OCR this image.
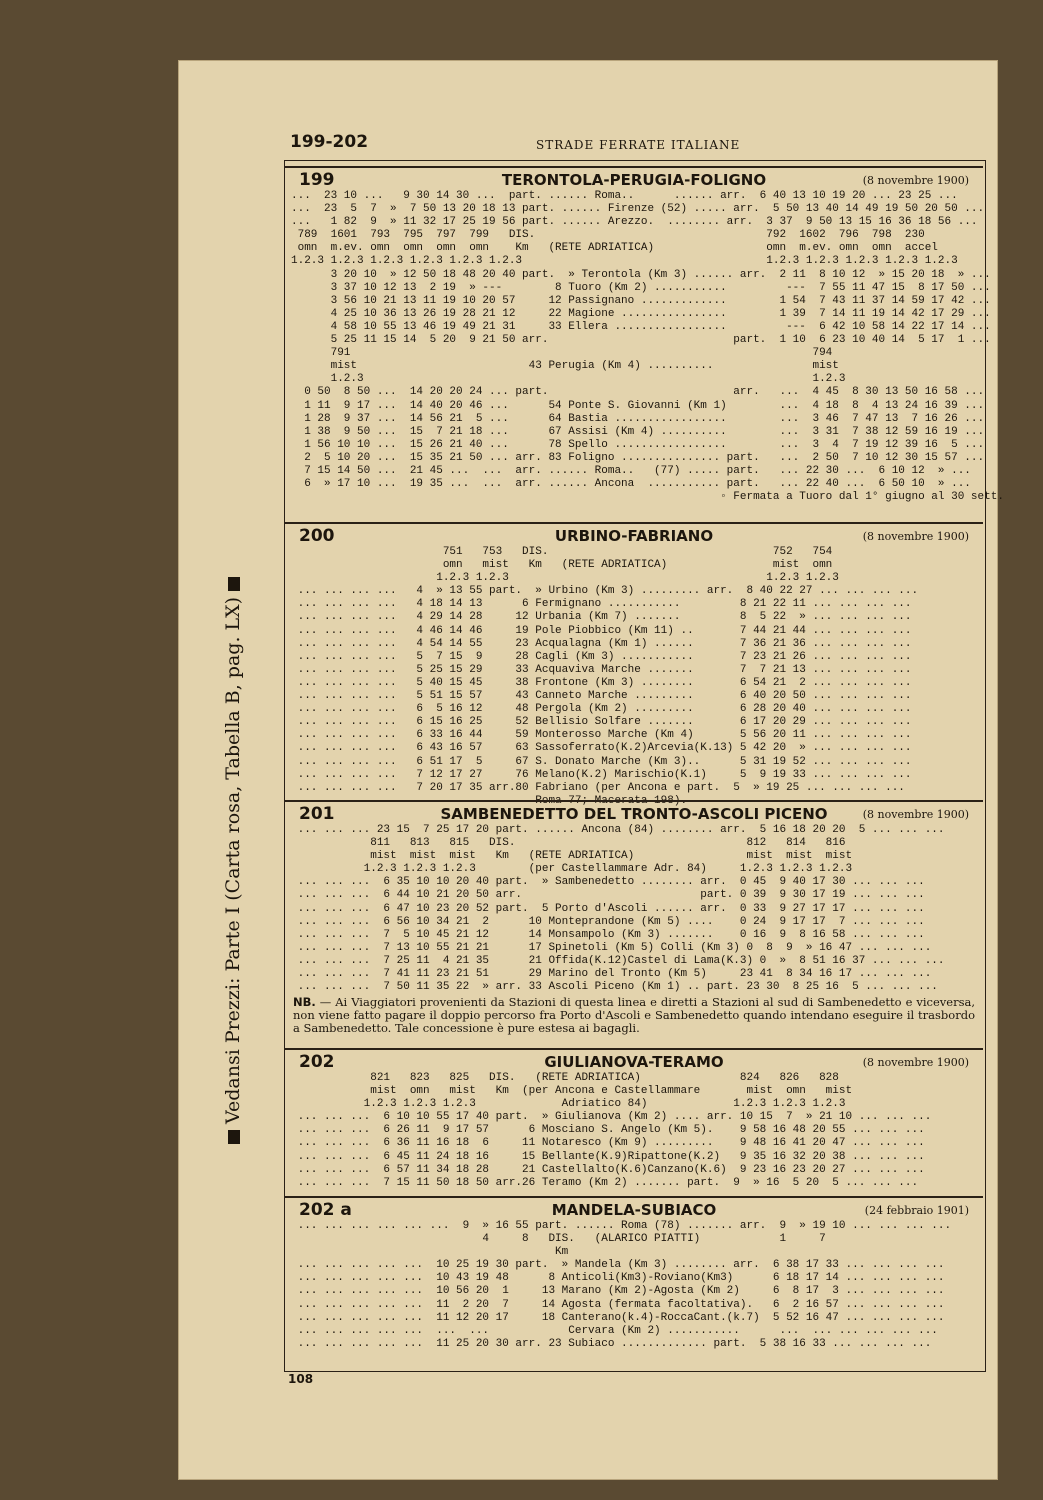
199-202	STRADE FERRATE ITALIANE
108
Vedansi Prezzi: Parte I (Carta rosa, Tabella B, pag. LX)
199	TERONTOLA-PERUGIA-FOLIGNO	(8 novembre 1900)
...  23 10 ...   9 30 14 30 ...  part. ...... Roma..      ...... arr.  6 40 13 10 19 20 ... 23 25 ...
...  23  5  7  »  7 50 13 20 18 13 part. ...... Firenze (52) ..... arr.  5 50 13 40 14 49 19 50 20 50 ...
...   1 82  9  » 11 32 17 25 19 56 part. ...... Arezzo.  ........ arr.  3 37  9 50 13 15 16 36 18 56 ...
789  1601  793  795  797  799   DIS.                                   792  1602  796  798  230
omn  m.ev. omn  omn  omn  omn    Km   (RETE ADRIATICA)                 omn  m.ev. omn  omn  accel
1.2.3 1.2.3 1.2.3 1.2.3 1.2.3 1.2.3                                     1.2.3 1.2.3 1.2.3 1.2.3 1.2.3
3 20 10  » 12 50 18 48 20 40 part.  » Terontola (Km 3) ...... arr.  2 11  8 10 12  » 15 20 18  » ...
3 37 10 12 13  2 19  » ---        8 Tuoro (Km 2) ...........         ---  7 55 11 47 15  8 17 50 ...
3 56 10 21 13 11 19 10 20 57     12 Passignano .............        1 54  7 43 11 37 14 59 17 42 ...
4 25 10 36 13 26 19 28 21 12     22 Magione ................        1 39  7 14 11 19 14 42 17 29 ...
4 58 10 55 13 46 19 49 21 31     33 Ellera .................         ---  6 42 10 58 14 22 17 14 ...
5 25 11 15 14  5 20  9 21 50 arr.                            part.  1 10  6 23 10 40 14  5 17  1 ...
791                                                                      794
mist                          43 Perugia (Km 4) ..........               mist
1.2.3                                                                    1.2.3
0 50  8 50 ...  14 20 20 24 ... part.                            arr.   ...  4 45  8 30 13 50 16 58 ...
1 11  9 17 ...  14 40 20 46 ...      54 Ponte S. Giovanni (Km 1)        ...  4 18  8  4 13 24 16 39 ...
1 28  9 37 ...  14 56 21  5 ...      64 Bastia .................        ...  3 46  7 47 13  7 16 26 ...
1 38  9 50 ...  15  7 21 18 ...      67 Assisi (Km 4) ..........        ...  3 31  7 38 12 59 16 19 ...
1 56 10 10 ...  15 26 21 40 ...      78 Spello .................        ...  3  4  7 19 12 39 16  5 ...
2  5 10 20 ...  15 35 21 50 ... arr. 83 Foligno ............... part.   ...  2 50  7 10 12 30 15 57 ...
7 15 14 50 ...  21 45 ...  ...  arr. ...... Roma..   (77) ..... part.   ... 22 30 ...  6 10 12  » ...
6  » 17 10 ...  19 35 ...  ...  arr. ...... Ancona  ........... part.   ... 22 40 ...  6 50 10  » ...
◦ Fermata a Tuoro dal 1° giugno al 30 sett.
200	URBINO-FABRIANO	(8 novembre 1900)
751   753   DIS.                                  752   754
omn   mist   Km   (RETE ADRIATICA)                mist  omn
1.2.3 1.2.3                                       1.2.3 1.2.3
... ... ... ...   4  » 13 55 part.  » Urbino (Km 3) ......... arr.  8 40 22 27 ... ... ... ...
... ... ... ...   4 18 14 13      6 Fermignano ...........         8 21 22 11 ... ... ... ...
... ... ... ...   4 29 14 28     12 Urbania (Km 7) .......         8  5 22  » ... ... ... ...
... ... ... ...   4 46 14 46     19 Pole Piobbico (Km 11) ..       7 44 21 44 ... ... ... ...
... ... ... ...   4 54 14 55     23 Acqualagna (Km 1) ......       7 36 21 36 ... ... ... ...
... ... ... ...   5  7 15  9     28 Cagli (Km 3) ...........       7 23 21 26 ... ... ... ...
... ... ... ...   5 25 15 29     33 Acquaviva Marche .......       7  7 21 13 ... ... ... ...
... ... ... ...   5 40 15 45     38 Frontone (Km 3) ........       6 54 21  2 ... ... ... ...
... ... ... ...   5 51 15 57     43 Canneto Marche .........       6 40 20 50 ... ... ... ...
... ... ... ...   6  5 16 12     48 Pergola (Km 2) .........       6 28 20 40 ... ... ... ...
... ... ... ...   6 15 16 25     52 Bellisio Solfare .......       6 17 20 29 ... ... ... ...
... ... ... ...   6 33 16 44     59 Monterosso Marche (Km 4)       5 56 20 11 ... ... ... ...
... ... ... ...   6 43 16 57     63 Sassoferrato(K.2)Arcevia(K.13) 5 42 20  » ... ... ... ...
... ... ... ...   6 51 17  5     67 S. Donato Marche (Km 3)..      5 31 19 52 ... ... ... ...
... ... ... ...   7 12 17 27     76 Melano(K.2) Marischio(K.1)     5  9 19 33 ... ... ... ...
... ... ... ...   7 20 17 35 arr.80 Fabriano (per Ancona e part.  5  » 19 25 ... ... ... ...
Roma 77; Macerata 198).
201	SAMBENEDETTO DEL TRONTO-ASCOLI PICENO	(8 novembre 1900)
... ... ... 23 15  7 25 17 20 part. ...... Ancona (84) ........ arr.  5 16 18 20 20  5 ... ... ...
811   813   815   DIS.                                   812   814   816
mist  mist  mist   Km   (RETE ADRIATICA)                 mist  mist  mist
1.2.3 1.2.3 1.2.3        (per Castellammare Adr. 84)     1.2.3 1.2.3 1.2.3
... ... ...  6 35 10 10 20 40 part.  » Sambenedetto ........ arr.  0 45  9 40 17 30 ... ... ...
... ... ...  6 44 10 21 20 50 arr.                           part. 0 39  9 30 17 19 ... ... ...
... ... ...  6 47 10 23 20 52 part.  5 Porto d'Ascoli ...... arr.  0 33  9 27 17 17 ... ... ...
... ... ...  6 56 10 34 21  2      10 Monteprandone (Km 5) ....    0 24  9 17 17  7 ... ... ...
... ... ...  7  5 10 45 21 12      14 Monsampolo (Km 3) .......    0 16  9  8 16 58 ... ... ...
... ... ...  7 13 10 55 21 21      17 Spinetoli (Km 5) Colli (Km 3) 0  8  9  » 16 47 ... ... ...
... ... ...  7 25 11  4 21 35      21 Offida(K.12)Castel di Lama(K.3) 0  »  8 51 16 37 ... ... ...
... ... ...  7 41 11 23 21 51      29 Marino del Tronto (Km 5)     23 41  8 34 16 17 ... ... ...
... ... ...  7 50 11 35 22  » arr. 33 Ascoli Piceno (Km 1) .. part. 23 30  8 25 16  5 ... ... ...
NB. — Ai Viaggiatori provenienti da Stazioni di questa linea e diretti a Stazioni al sud di Sambenedetto e viceversa, non viene fatto pagare il doppio percorso fra Porto d'Ascoli e Sambenedetto quando intendano eseguire il trasbordo a Sambenedetto. Tale concessione è pure estesa ai bagagli.
202	GIULIANOVA-TERAMO	(8 novembre 1900)
821   823   825   DIS.   (RETE ADRIATICA)               824   826   828
mist  omn   mist   Km  (per Ancona e Castellammare       mist  omn   mist
1.2.3 1.2.3 1.2.3             Adriatico 84)             1.2.3 1.2.3 1.2.3
... ... ...  6 10 10 55 17 40 part.  » Giulianova (Km 2) .... arr. 10 15  7  » 21 10 ... ... ...
... ... ...  6 26 11  9 17 57      6 Mosciano S. Angelo (Km 5).    9 58 16 48 20 55 ... ... ...
... ... ...  6 36 11 16 18  6     11 Notaresco (Km 9) .........    9 48 16 41 20 47 ... ... ...
... ... ...  6 45 11 24 18 16     15 Bellante(K.9)Ripattone(K.2)   9 35 16 32 20 38 ... ... ...
... ... ...  6 57 11 34 18 28     21 Castellalto(K.6)Canzano(K.6)  9 23 16 23 20 27 ... ... ...
... ... ...  7 15 11 50 18 50 arr.26 Teramo (Km 2) ....... part.  9  » 16  5 20  5 ... ... ...
202 a	MANDELA-SUBIACO	(24 febbraio 1901)
... ... ... ... ... ...  9  » 16 55 part. ...... Roma (78) ....... arr.  9  » 19 10 ... ... ... ...
4     8   DIS.   (ALARICO PIATTI)            1     7
Km
... ... ... ... ...  10 25 19 30 part.  » Mandela (Km 3) ........ arr.  6 38 17 33 ... ... ... ...
... ... ... ... ...  10 43 19 48      8 Anticoli(Km3)-Roviano(Km3)      6 18 17 14 ... ... ... ...
... ... ... ... ...  10 56 20  1     13 Marano (Km 2)-Agosta (Km 2)     6  8 17  3 ... ... ... ...
... ... ... ... ...  11  2 20  7     14 Agosta (fermata facoltativa).   6  2 16 57 ... ... ... ...
... ... ... ... ...  11 12 20 17     18 Canterano(k.4)-RoccaCant.(k.7)  5 52 16 47 ... ... ... ...
... ... ... ... ...  ...  ...            Cervara (Km 2) ...........      ...  ... ... ... ... ...
... ... ... ... ...  11 25 20 30 arr. 23 Subiaco ............. part.  5 38 16 33 ... ... ... ...
